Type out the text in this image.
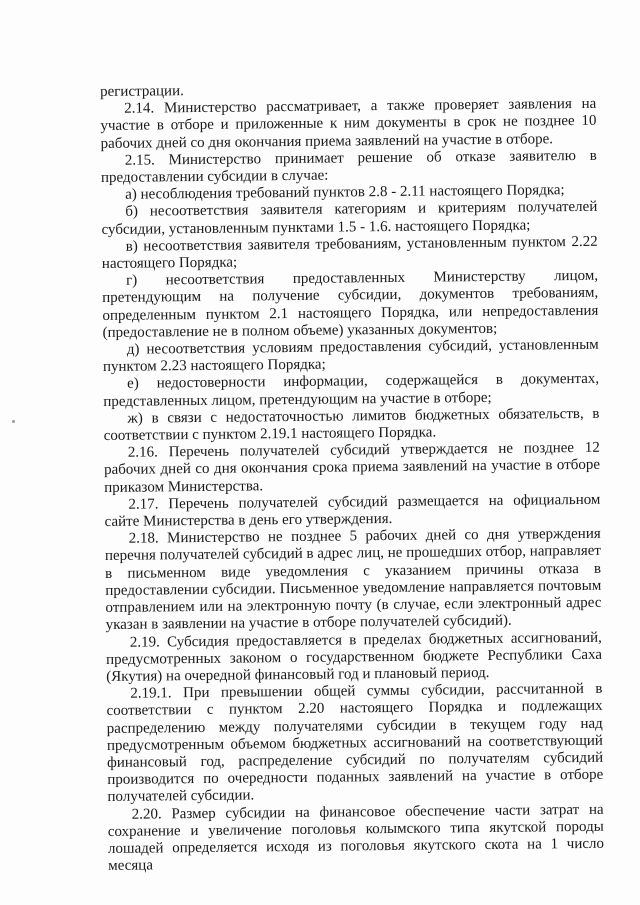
регистрации.

2.14. Министерство рассматривает, а также проверяет заявления на участие в отборе и приложенные к ним документы в срок не позднее 10 рабочих дней со дня окончания приема заявлений на участие в отборе.

2.15. Министерство принимает решение об отказе заявителю в предоставлении субсидии в случае:

а) несоблюдения требований пунктов 2.8 - 2.11 настоящего Порядка;

б) несоответствия заявителя категориям и критериям получателей субсидии, установленным пунктами 1.5 - 1.6. настоящего Порядка;

в) несоответствия заявителя требованиям, установленным пунктом 2.22 настоящего Порядка;

г) несоответствия предоставленных Министерству лицом, претендующим на получение субсидии, документов требованиям, определенным пунктом 2.1 настоящего Порядка, или непредоставления (предоставление не в полном объеме) указанных документов;

д) несоответствия условиям предоставления субсидий, установленным пунктом 2.23 настоящего Порядка;

е) недостоверности информации, содержащейся в документах, представленных лицом, претендующим на участие в отборе;

ж) в связи с недостаточностью лимитов бюджетных обязательств, в соответствии с пунктом 2.19.1 настоящего Порядка.

2.16. Перечень получателей субсидий утверждается не позднее 12 рабочих дней со дня окончания срока приема заявлений на участие в отборе приказом Министерства.

2.17. Перечень получателей субсидий размещается на официальном сайте Министерства в день его утверждения.

2.18. Министерство не позднее 5 рабочих дней со дня утверждения перечня получателей субсидий в адрес лиц, не прошедших отбор, направляет в письменном виде уведомления с указанием причины отказа в предоставлении субсидии. Письменное уведомление направляется почтовым отправлением или на электронную почту (в случае, если электронный адрес указан в заявлении на участие в отборе получателей субсидий).

2.19. Субсидия предоставляется в пределах бюджетных ассигнований, предусмотренных законом о государственном бюджете Республики Саха (Якутия) на очередной финансовый год и плановый период.

2.19.1. При превышении общей суммы субсидии, рассчитанной в соответствии с пунктом 2.20 настоящего Порядка и подлежащих распределению между получателями субсидии в текущем году над предусмотренным объемом бюджетных ассигнований на соответствующий финансовый год, распределение субсидий по получателям субсидий производится по очередности поданных заявлений на участие в отборе получателей субсидии.

2.20. Размер субсидии на финансовое обеспечение части затрат на сохранение и увеличение поголовья колымского типа якутской породы лошадей определяется исходя из поголовья якутского скота на 1 число месяца
